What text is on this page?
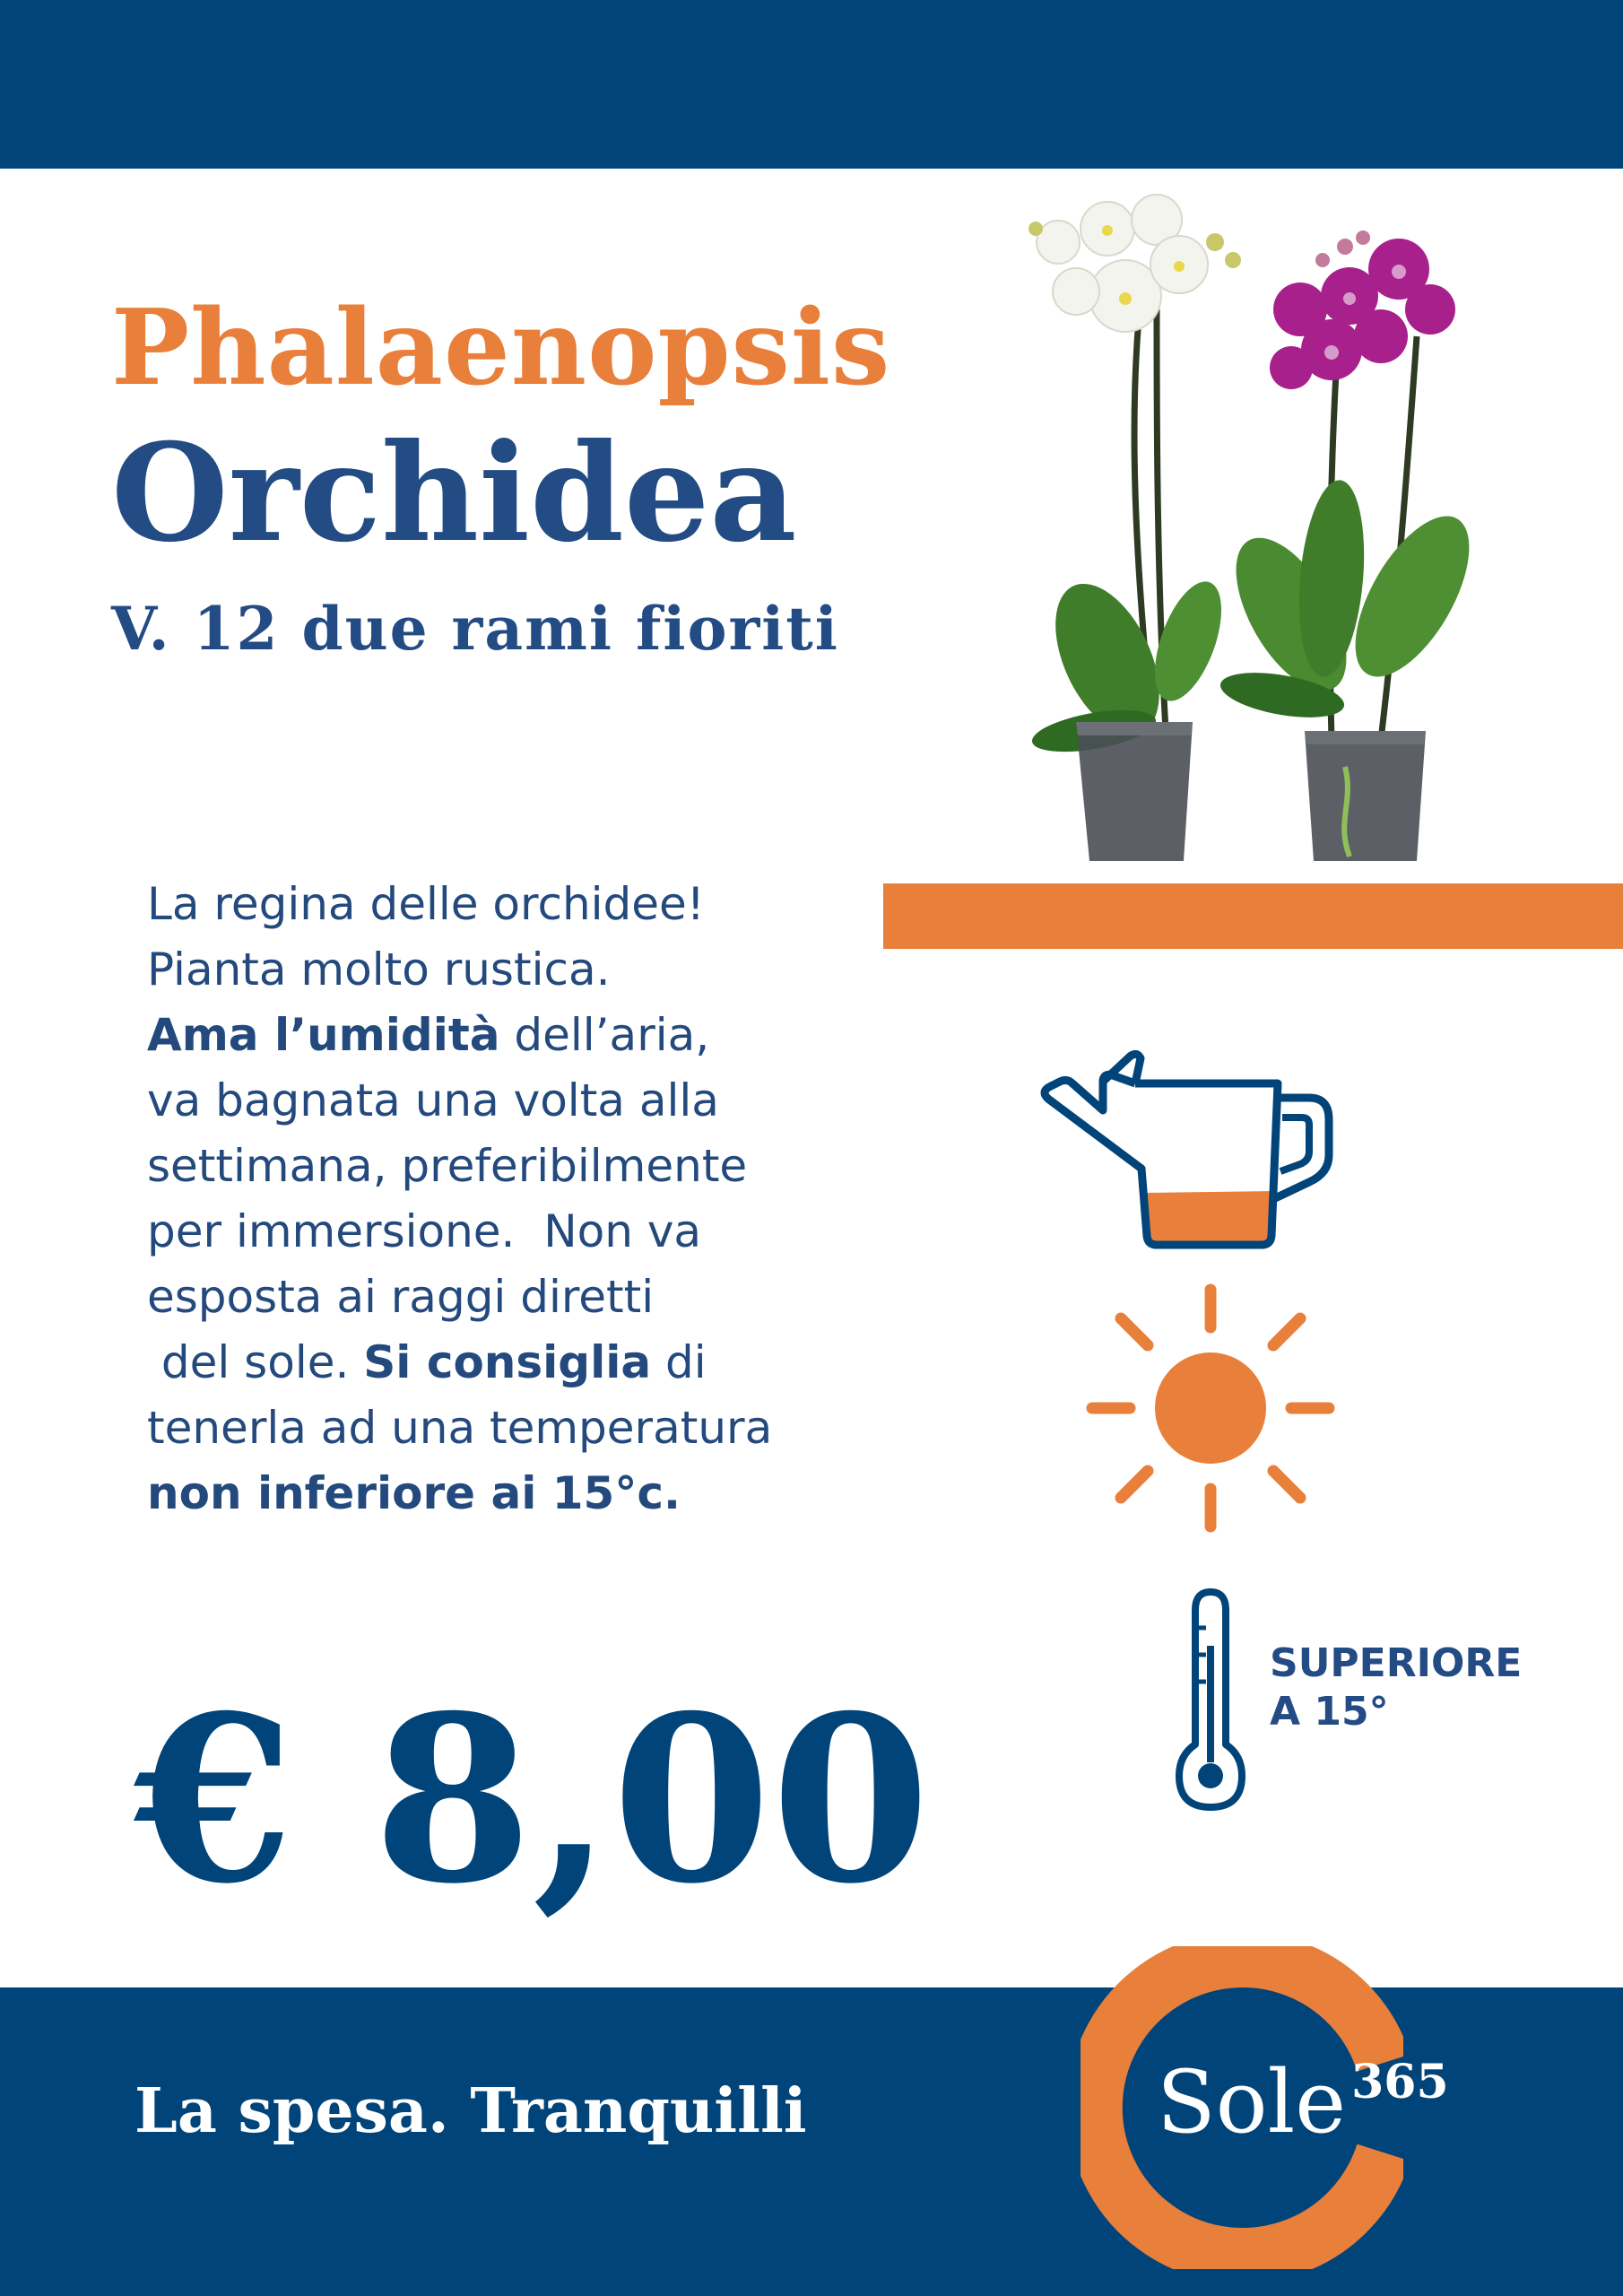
Phalaenopsis
Orchidea
V. 12 due rami fioriti
La regina delle orchidee!
Pianta molto rustica.
Ama l’umidità dell’aria,
va bagnata una volta alla
settimana, preferibilmente
per immersione.  Non va
esposta ai raggi diretti
del sole. Si consiglia di
tenerla ad una temperatura
non inferiore ai 15°c.
SUPERIORE
A 15°
€ 8,00
La spesa. Tranquilli	Sole $^{365}$
